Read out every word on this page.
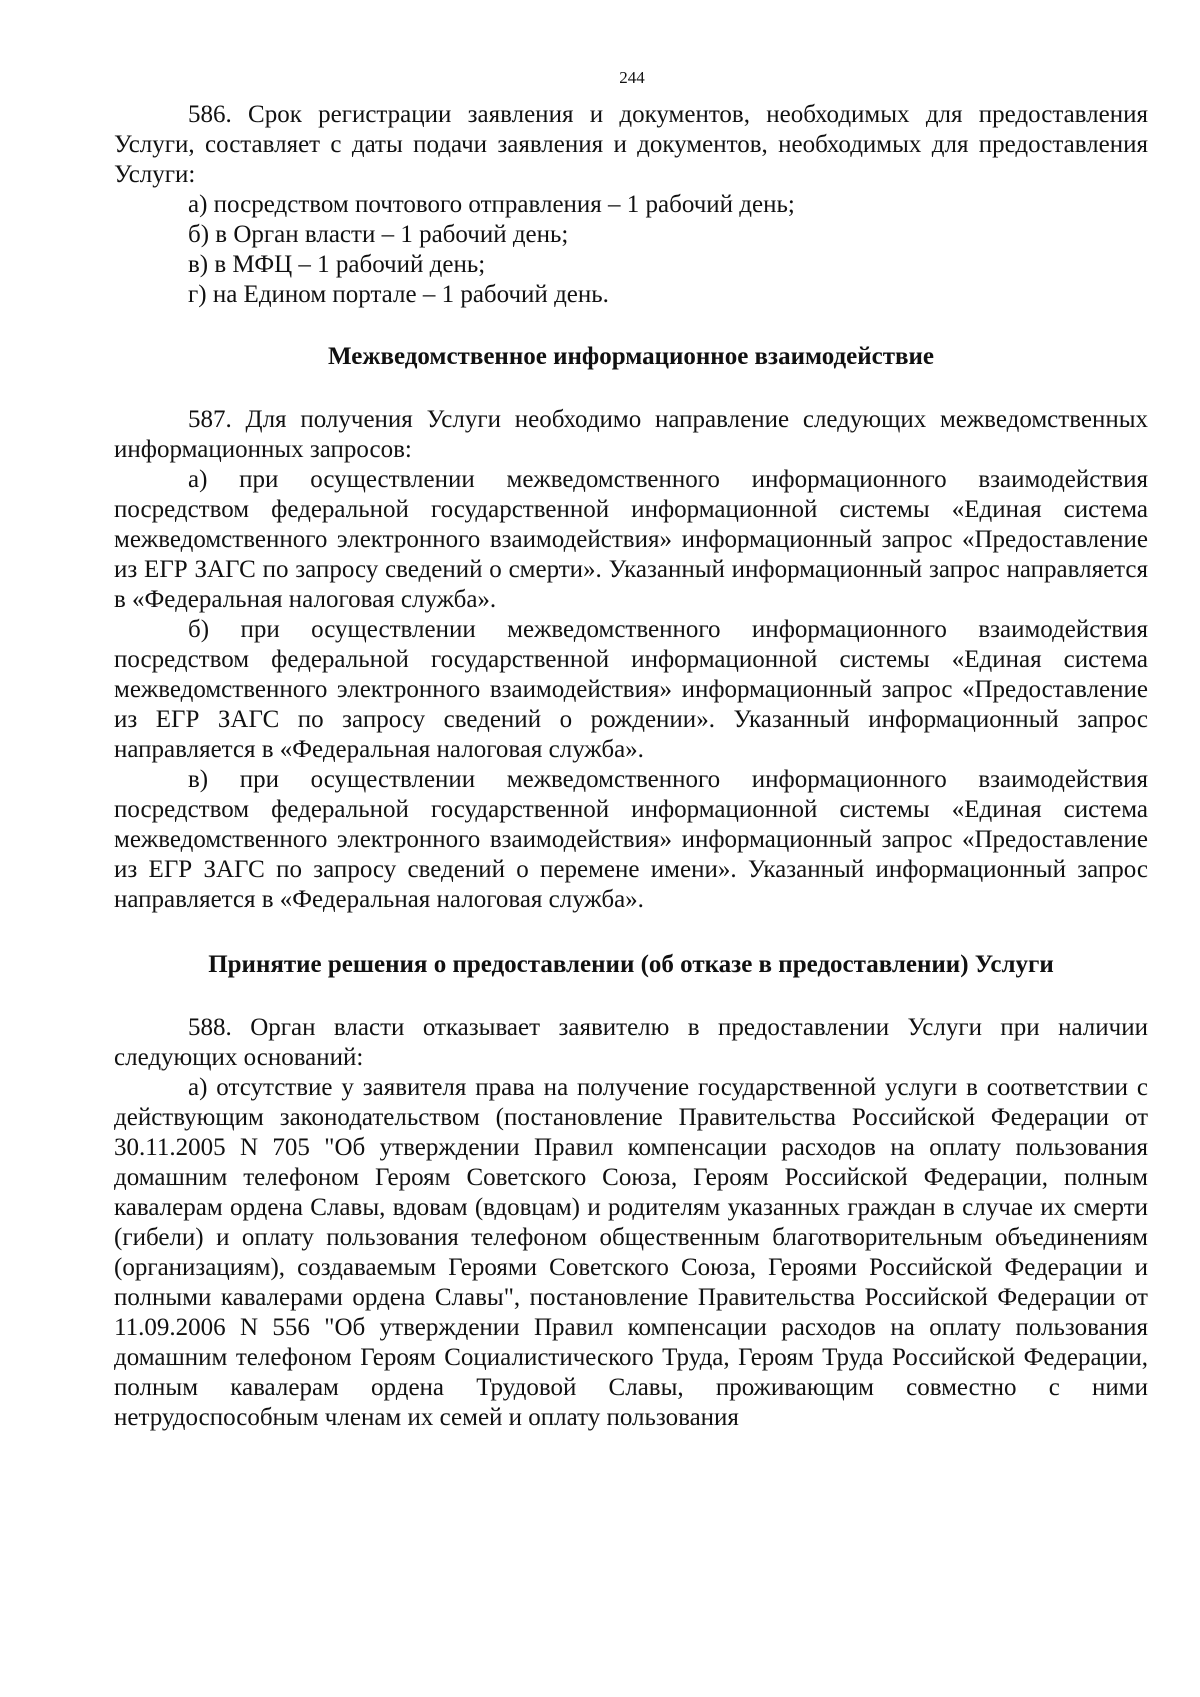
244

586. Срок регистрации заявления и документов, необходимых для предоставления Услуги, составляет с даты подачи заявления и документов, необходимых для предоставления Услуги:

а) посредством почтового отправления – 1 рабочий день;

б) в Орган власти – 1 рабочий день;

в) в МФЦ – 1 рабочий день;

г) на Едином портале – 1 рабочий день.

Межведомственное информационное взаимодействие

587. Для получения Услуги необходимо направление следующих межведомственных информационных запросов:

а) при осуществлении межведомственного информационного взаимодействия посредством федеральной государственной информационной системы «Единая система межведомственного электронного взаимодействия» информационный запрос «Предоставление из ЕГР ЗАГС по запросу сведений о смерти». Указанный информационный запрос направляется в «Федеральная налоговая служба».

б) при осуществлении межведомственного информационного взаимодействия посредством федеральной государственной информационной системы «Единая система межведомственного электронного взаимодействия» информационный запрос «Предоставление из ЕГР ЗАГС по запросу сведений о рождении». Указанный информационный запрос направляется в «Федеральная налоговая служба».

в) при осуществлении межведомственного информационного взаимодействия посредством федеральной государственной информационной системы «Единая система межведомственного электронного взаимодействия» информационный запрос «Предоставление из ЕГР ЗАГС по запросу сведений о перемене имени». Указанный информационный запрос направляется в «Федеральная налоговая служба».

Принятие решения о предоставлении (об отказе в предоставлении) Услуги

588. Орган власти отказывает заявителю в предоставлении Услуги при наличии следующих оснований:

а) отсутствие у заявителя права на получение государственной услуги в соответствии с действующим законодательством (постановление Правительства Российской Федерации от 30.11.2005 N 705 "Об утверждении Правил компенсации расходов на оплату пользования домашним телефоном Героям Советского Союза, Героям Российской Федерации, полным кавалерам ордена Славы, вдовам (вдовцам) и родителям указанных граждан в случае их смерти (гибели) и оплату пользования телефоном общественным благотворительным объединениям (организациям), создаваемым Героями Советского Союза, Героями Российской Федерации и полными кавалерами ордена Славы", постановление Правительства Российской Федерации от 11.09.2006 N 556 "Об утверждении Правил компенсации расходов на оплату пользования домашним телефоном Героям Социалистического Труда, Героям Труда Российской Федерации, полным кавалерам ордена Трудовой Славы, проживающим совместно с ними нетрудоспособным членам их семей и оплату пользования
